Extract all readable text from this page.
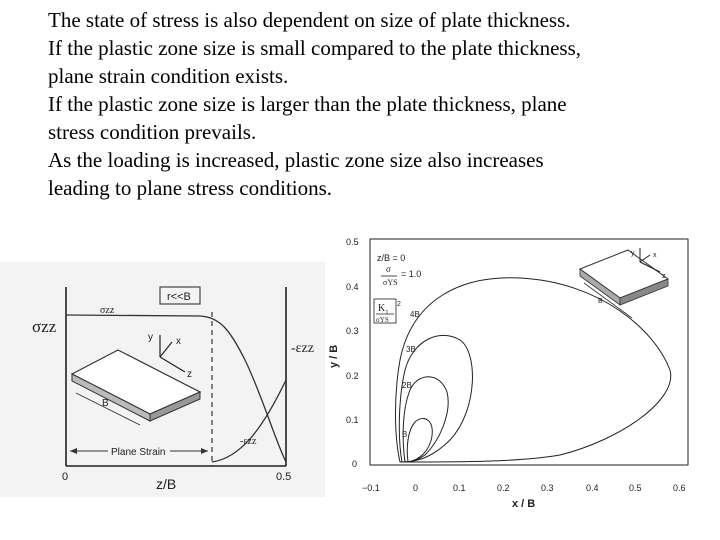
The state of stress is also dependent on size of plate thickness.

If the plastic zone size is small compared to the plate thickness,

plane strain condition exists.

If the plastic zone size is larger than the plate thickness, plane

stress condition prevails.

As the loading is increased, plastic zone size also increases

leading to plane stress conditions.

r<<B
σzz
σzz
-εzz
-εzz
Plane Strain
0	0.5
z/B
y x
z
B
0.5
0.4
0.3
0.2
0.1
0
y / B
−0.1	0	0.1	0.2	0.3	0.4	0.5	0.6
x / B
z/B = 0
σ = 1.0
σYS
K I
σYS
2
4B
3B
2B
B
y	x
z
B
